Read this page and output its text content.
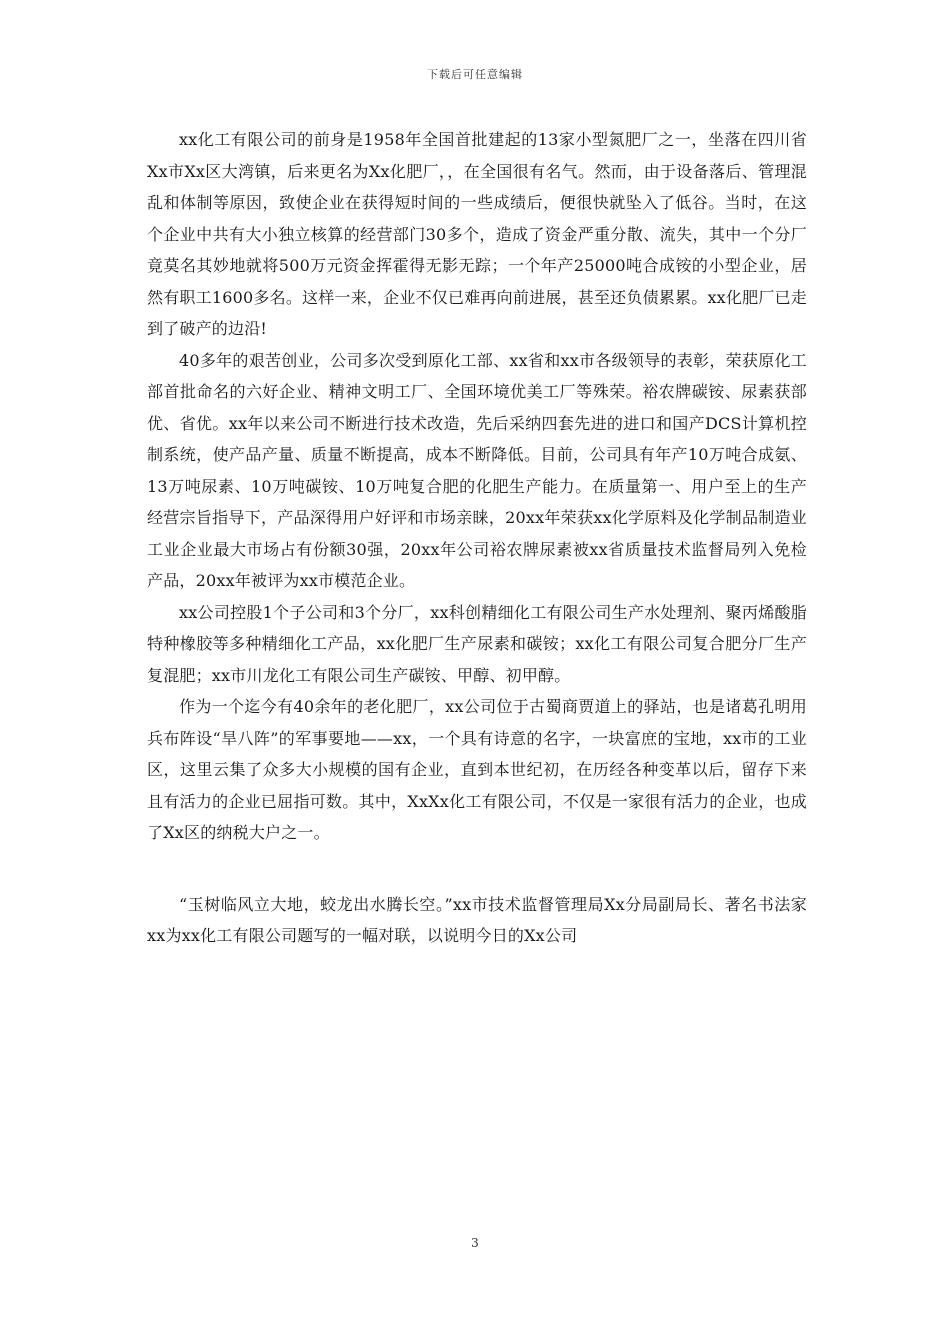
下载后可任意编辑

xx化工有限公司的前身是1958年全国首批建起的13家小型氮肥厂之一，坐落在四川省Xx市Xx区大湾镇，后来更名为Xx化肥厂，，在全国很有名气。然而，由于设备落后、管理混乱和体制等原因，致使企业在获得短时间的一些成绩后，便很快就坠入了低谷。当时，在这个企业中共有大小独立核算的经营部门30多个，造成了资金严重分散、流失，其中一个分厂竟莫名其妙地就将500万元资金挥霍得无影无踪；一个年产25000吨合成铵的小型企业，居然有职工1600多名。这样一来，企业不仅已难再向前进展，甚至还负债累累。xx化肥厂已走到了破产的边沿!

40多年的艰苦创业，公司多次受到原化工部、xx省和xx市各级领导的表彰，荣获原化工部首批命名的六好企业、精神文明工厂、全国环境优美工厂等殊荣。裕农牌碳铵、尿素获部优、省优。xx年以来公司不断进行技术改造，先后采纳四套先进的进口和国产DCS计算机控制系统，使产品产量、质量不断提高，成本不断降低。目前，公司具有年产10万吨合成氨、13万吨尿素、10万吨碳铵、10万吨复合肥的化肥生产能力。在质量第一、用户至上的生产经营宗旨指导下，产品深得用户好评和市场亲睐，20xx年荣获xx化学原料及化学制品制造业工业企业最大市场占有份额30强，20xx年公司裕农牌尿素被xx省质量技术监督局列入免检产品，20xx年被评为xx市模范企业。

xx公司控股1个子公司和3个分厂，xx科创精细化工有限公司生产水处理剂、聚丙烯酸脂特种橡胶等多种精细化工产品，xx化肥厂生产尿素和碳铵；xx化工有限公司复合肥分厂生产复混肥；xx市川龙化工有限公司生产碳铵、甲醇、初甲醇。

作为一个迄今有40余年的老化肥厂，xx公司位于古蜀商贾道上的驿站，也是诸葛孔明用兵布阵设“旱八阵”的军事要地——xx，一个具有诗意的名字，一块富庶的宝地，xx市的工业区，这里云集了众多大小规模的国有企业，直到本世纪初，在历经各种变革以后，留存下来且有活力的企业已屈指可数。其中，XxXx化工有限公司，不仅是一家很有活力的企业，也成了Xx区的纳税大户之一。

“玉树临风立大地，蛟龙出水腾长空。”xx市技术监督管理局Xx分局副局长、著名书法家xx为xx化工有限公司题写的一幅对联，以说明今日的Xx公司

3
